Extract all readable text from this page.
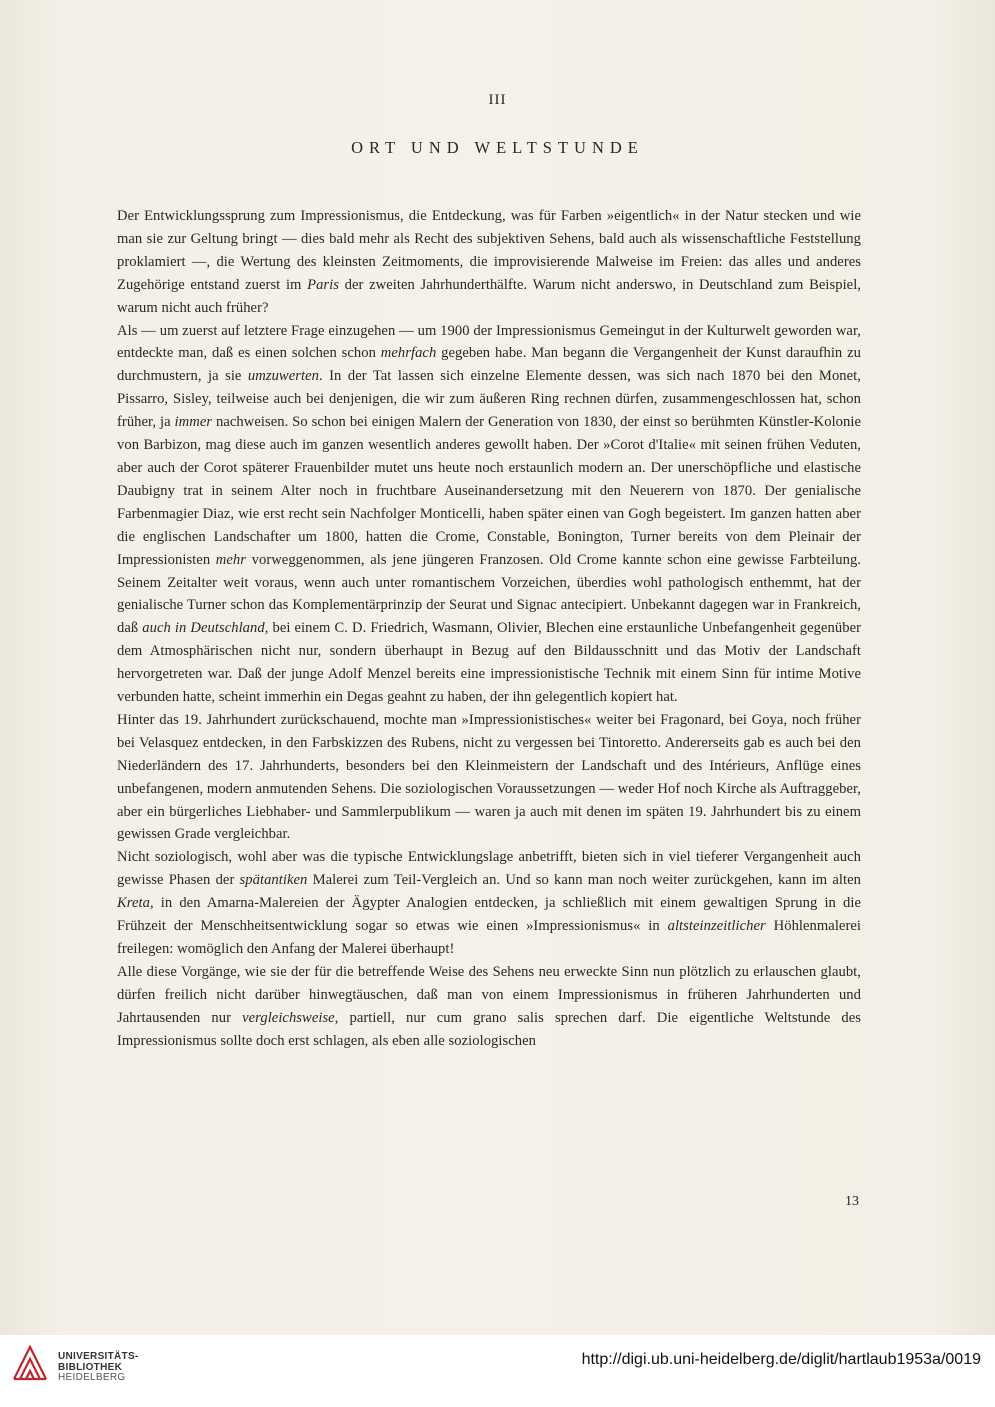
III
ORT UND WELTSTUNDE

Der Entwicklungssprung zum Impressionismus, die Entdeckung, was für Farben »eigentlich« in der Natur stecken und wie man sie zur Geltung bringt — dies bald mehr als Recht des subjektiven Sehens, bald auch als wissenschaftliche Feststellung proklamiert —, die Wertung des kleinsten Zeitmoments, die improvisierende Malweise im Freien: das alles und anderes Zugehörige entstand zuerst im Paris der zweiten Jahrhunderthälfte. Warum nicht anderswo, in Deutschland zum Beispiel, warum nicht auch früher?

Als — um zuerst auf letztere Frage einzugehen — um 1900 der Impressionismus Gemeingut in der Kulturwelt geworden war, entdeckte man, daß es einen solchen schon mehrfach gegeben habe. Man begann die Vergangenheit der Kunst daraufhin zu durchmustern, ja sie umzuwerten. In der Tat lassen sich einzelne Elemente dessen, was sich nach 1870 bei den Monet, Pissarro, Sisley, teilweise auch bei denjenigen, die wir zum äußeren Ring rechnen dürfen, zusammengeschlossen hat, schon früher, ja immer nachweisen. So schon bei einigen Malern der Generation von 1830, der einst so berühmten Künstler-Kolonie von Barbizon, mag diese auch im ganzen wesentlich anderes gewollt haben. Der »Corot d'Italie« mit seinen frühen Veduten, aber auch der Corot späterer Frauenbilder mutet uns heute noch erstaunlich modern an. Der unerschöpfliche und elastische Daubigny trat in seinem Alter noch in fruchtbare Auseinandersetzung mit den Neuerern von 1870. Der genialische Farbenmagier Diaz, wie erst recht sein Nachfolger Monticelli, haben später einen van Gogh begeistert. Im ganzen hatten aber die englischen Landschafter um 1800, hatten die Crome, Constable, Bonington, Turner bereits von dem Pleinair der Impressionisten mehr vorweggenommen, als jene jüngeren Franzosen. Old Crome kannte schon eine gewisse Farbteilung. Seinem Zeitalter weit voraus, wenn auch unter romantischem Vorzeichen, überdies wohl pathologisch enthemmt, hat der genialische Turner schon das Komplementärprinzip der Seurat und Signac antecipiert. Unbekannt dagegen war in Frankreich, daß auch in Deutschland, bei einem C. D. Friedrich, Wasmann, Olivier, Blechen eine erstaunliche Unbefangenheit gegenüber dem Atmosphärischen nicht nur, sondern überhaupt in Bezug auf den Bildausschnitt und das Motiv der Landschaft hervorgetreten war. Daß der junge Adolf Menzel bereits eine impressionistische Technik mit einem Sinn für intime Motive verbunden hatte, scheint immerhin ein Degas geahnt zu haben, der ihn gelegentlich kopiert hat.

Hinter das 19. Jahrhundert zurückschauend, mochte man »Impressionistisches« weiter bei Fragonard, bei Goya, noch früher bei Velasquez entdecken, in den Farbskizzen des Rubens, nicht zu vergessen bei Tintoretto. Andererseits gab es auch bei den Niederländern des 17. Jahrhunderts, besonders bei den Kleinmeistern der Landschaft und des Intérieurs, Anflüge eines unbefangenen, modern anmutenden Sehens. Die soziologischen Voraussetzungen — weder Hof noch Kirche als Auftraggeber, aber ein bürgerliches Liebhaber- und Sammlerpublikum — waren ja auch mit denen im späten 19. Jahrhundert bis zu einem gewissen Grade vergleichbar.

Nicht soziologisch, wohl aber was die typische Entwicklungslage anbetrifft, bieten sich in viel tieferer Vergangenheit auch gewisse Phasen der spätantiken Malerei zum Teil-Vergleich an. Und so kann man noch weiter zurückgehen, kann im alten Kreta, in den Amarna-Malereien der Ägypter Analogien entdecken, ja schließlich mit einem gewaltigen Sprung in die Frühzeit der Menschheitsentwicklung sogar so etwas wie einen »Impressionismus« in altsteinzeitlicher Höhlenmalerei freilegen: womöglich den Anfang der Malerei überhaupt!

Alle diese Vorgänge, wie sie der für die betreffende Weise des Sehens neu erweckte Sinn nun plötzlich zu erlauschen glaubt, dürfen freilich nicht darüber hinwegtäuschen, daß man von einem Impressionismus in früheren Jahrhunderten und Jahrtausenden nur vergleichsweise, partiell, nur cum grano salis sprechen darf. Die eigentliche Weltstunde des Impressionismus sollte doch erst schlagen, als eben alle soziologischen

13
UNIVERSITÄTS-
BIBLIOTHEK
HEIDELBERG
http://digi.ub.uni-heidelberg.de/diglit/hartlaub1953a/0019
